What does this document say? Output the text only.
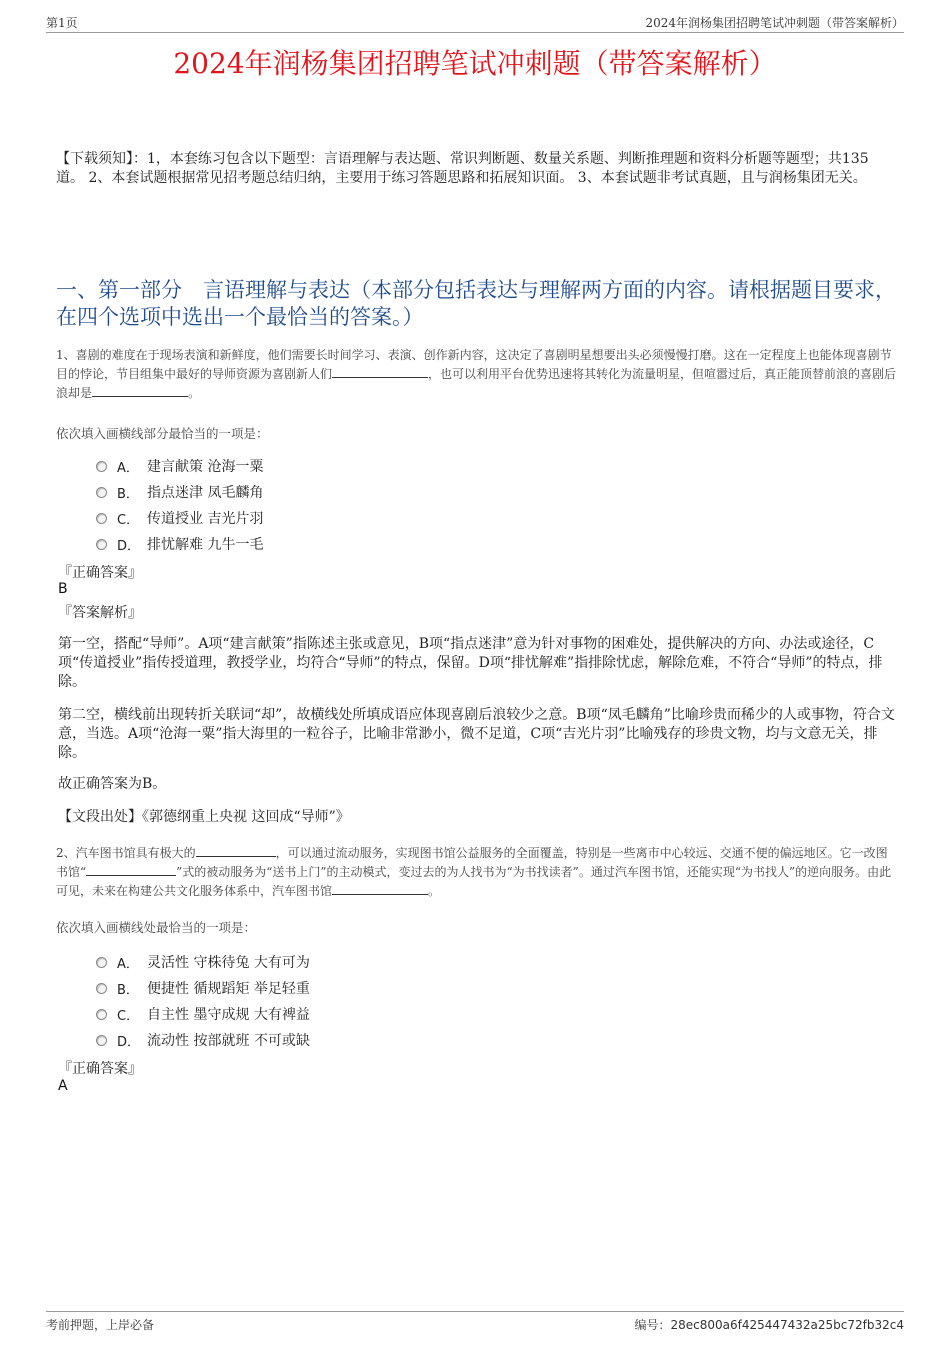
第1页	2024年润杨集团招聘笔试冲刺题（带答案解析）
2024年润杨集团招聘笔试冲刺题（带答案解析）
【下载须知】：1，本套练习包含以下题型：言语理解与表达题、常识判断题、数量关系题、判断推理题和资料分析题等题型；共135道。 2、本套试题根据常见招考题总结归纳，主要用于练习答题思路和拓展知识面。 3、本套试题非考试真题，且与润杨集团无关。
一、第一部分　言语理解与表达（本部分包括表达与理解两方面的内容。请根据题目要求，在四个选项中选出一个最恰当的答案。）
1、喜剧的难度在于现场表演和新鲜度，他们需要长时间学习、表演、创作新内容，这决定了喜剧明星想要出头必须慢慢打磨。这在一定程度上也能体现喜剧节目的悖论，节目组集中最好的导师资源为喜剧新人们	，也可以利用平台优势迅速将其转化为流量明星，但喧嚣过后，真正能顶替前浪的喜剧后浪却是	。
依次填入画横线部分最恰当的一项是：
A． 建言献策 沧海一粟
B． 指点迷津 凤毛麟角
C． 传道授业 吉光片羽
D． 排忧解难 九牛一毛
『正确答案』
B
『答案解析』
第一空，搭配“导师”。A项“建言献策”指陈述主张或意见，B项“指点迷津”意为针对事物的困难处，提供解决的方向、办法或途径，C项“传道授业”指传授道理，教授学业，均符合“导师”的特点，保留。D项“排忧解难”指排除忧虑，解除危难，不符合“导师”的特点，排除。
第二空，横线前出现转折关联词“却”，故横线处所填成语应体现喜剧后浪较少之意。B项“凤毛麟角”比喻珍贵而稀少的人或事物，符合文意，当选。A项“沧海一粟”指大海里的一粒谷子，比喻非常渺小，微不足道，C项“吉光片羽”比喻残存的珍贵文物，均与文意无关，排除。
故正确答案为B。
【文段出处】《郭德纲重上央视 这回成“导师”》
2、汽车图书馆具有极大的	，可以通过流动服务，实现图书馆公益服务的全面覆盖，特别是一些离市中心较远、交通不便的偏远地区。它一改图书馆“	”式的被动服务为“送书上门”的主动模式，变过去的为人找书为“为书找读者”。通过汽车图书馆，还能实现“为书找人”的逆向服务。由此可见，未来在构建公共文化服务体系中，汽车图书馆	。
依次填入画横线处最恰当的一项是：
A． 灵活性 守株待兔 大有可为
B． 便捷性 循规蹈矩 举足轻重
C． 自主性 墨守成规 大有裨益
D． 流动性 按部就班 不可或缺
『正确答案』
A
考前押题，上岸必备	编号：28ec800a6f425447432a25bc72fb32c4
